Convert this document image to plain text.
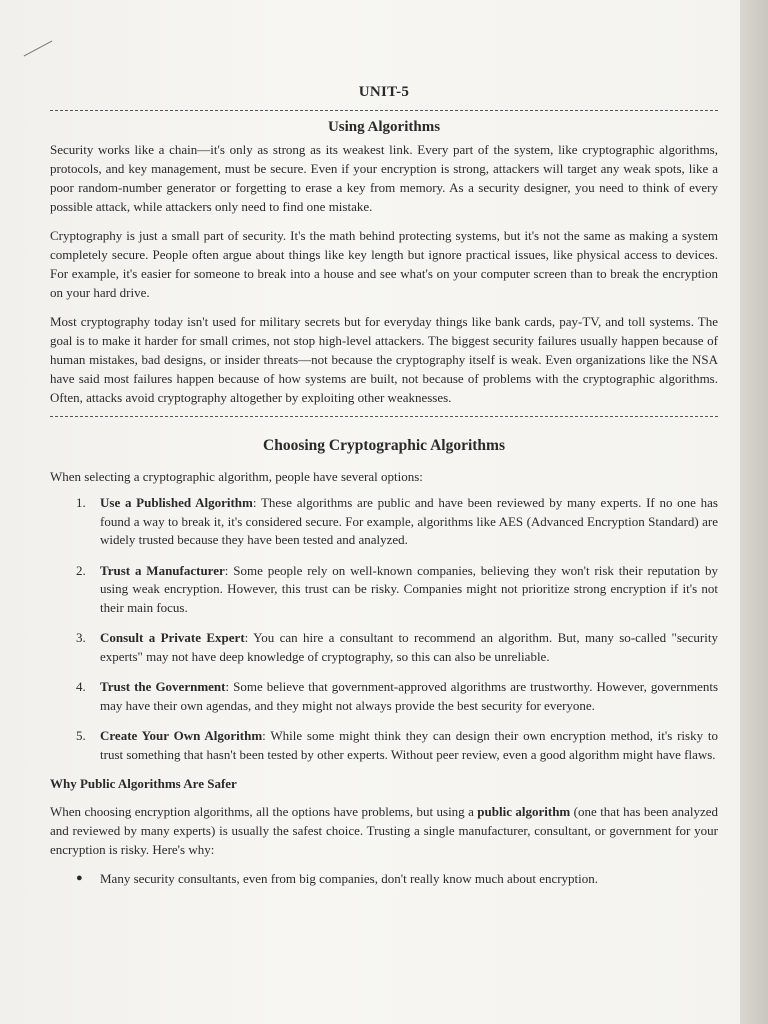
UNIT-5
Using Algorithms

Security works like a chain—it's only as strong as its weakest link. Every part of the system, like cryptographic algorithms, protocols, and key management, must be secure. Even if your encryption is strong, attackers will target any weak spots, like a poor random-number generator or forgetting to erase a key from memory. As a security designer, you need to think of every possible attack, while attackers only need to find one mistake.

Cryptography is just a small part of security. It's the math behind protecting systems, but it's not the same as making a system completely secure. People often argue about things like key length but ignore practical issues, like physical access to devices. For example, it's easier for someone to break into a house and see what's on your computer screen than to break the encryption on your hard drive.

Most cryptography today isn't used for military secrets but for everyday things like bank cards, pay-TV, and toll systems. The goal is to make it harder for small crimes, not stop high-level attackers. The biggest security failures usually happen because of human mistakes, bad designs, or insider threats—not because the cryptography itself is weak. Even organizations like the NSA have said most failures happen because of how systems are built, not because of problems with the cryptographic algorithms. Often, attacks avoid cryptography altogether by exploiting other weaknesses.

Choosing Cryptographic Algorithms

When selecting a cryptographic algorithm, people have several options:

1. Use a Published Algorithm: These algorithms are public and have been reviewed by many experts. If no one has found a way to break it, it's considered secure. For example, algorithms like AES (Advanced Encryption Standard) are widely trusted because they have been tested and analyzed.
2. Trust a Manufacturer: Some people rely on well-known companies, believing they won't risk their reputation by using weak encryption. However, this trust can be risky. Companies might not prioritize strong encryption if it's not their main focus.
3. Consult a Private Expert: You can hire a consultant to recommend an algorithm. But, many so-called "security experts" may not have deep knowledge of cryptography, so this can also be unreliable.
4. Trust the Government: Some believe that government-approved algorithms are trustworthy. However, governments may have their own agendas, and they might not always provide the best security for everyone.
5. Create Your Own Algorithm: While some might think they can design their own encryption method, it's risky to trust something that hasn't been tested by other experts. Without peer review, even a good algorithm might have flaws.
Why Public Algorithms Are Safer

When choosing encryption algorithms, all the options have problems, but using a public algorithm (one that has been analyzed and reviewed by many experts) is usually the safest choice. Trusting a single manufacturer, consultant, or government for your encryption is risky. Here's why:

● Many security consultants, even from big companies, don't really know much about encryption.
